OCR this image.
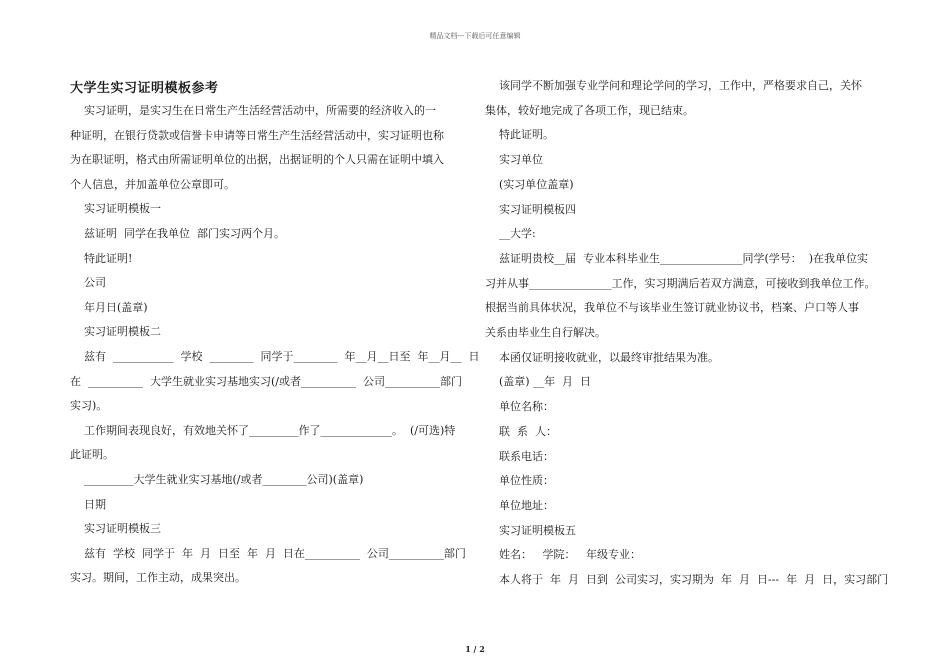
精品文档---下载后可任意编辑
大学生实习证明模板参考
实习证明，是实习生在日常生产生活经营活动中，所需要的经济收入的一
种证明，在银行贷款或信誉卡申请等日常生产生活经营活动中，实习证明也称
为在职证明，格式由所需证明单位的出据，出据证明的个人只需在证明中填入
个人信息，并加盖单位公章即可。
实习证明模板一
兹证明  同学在我单位  部门实习两个月。
特此证明!
公司
年月日(盖章)
实习证明模板二
兹有  ___________  学校  ________  同学于________  年__月__日至  年__月__  日
在  __________  大学生就业实习基地实习(/或者__________  公司__________部门
实习)。
工作期间表现良好，有效地关怀了_________作了_____________。  (/可选)特
此证明。
_________大学生就业实习基地(/或者________公司)(盖章)
日期
实习证明模板三
兹有  学校  同学于  年  月  日至  年  月  日在__________  公司__________部门
实习。期间，工作主动，成果突出。
该同学不断加强专业学问和理论学问的学习，工作中，严格要求自己，关怀
集体，较好地完成了各项工作，现已结束。
特此证明。
实习单位
(实习单位盖章)
实习证明模板四
__大学:
兹证明贵校__届  专业本科毕业生_______________同学(学号：  )在我单位实
习并从事_______________工作，实习期满后若双方满意，可接收到我单位工作。
根据当前具体状况，我单位不与该毕业生签订就业协议书，档案、户口等人事
关系由毕业生自行解决。
本函仅证明接收就业，以最终审批结果为准。
(盖章) __年  月  日
单位名称：
联  系  人：
联系电话：
单位性质：
单位地址：
实习证明模板五
姓名：   学院：   年级专业：
本人将于  年  月  日到  公司实习，实习期为  年  月  日---  年  月  日，实习部门
1 / 2
